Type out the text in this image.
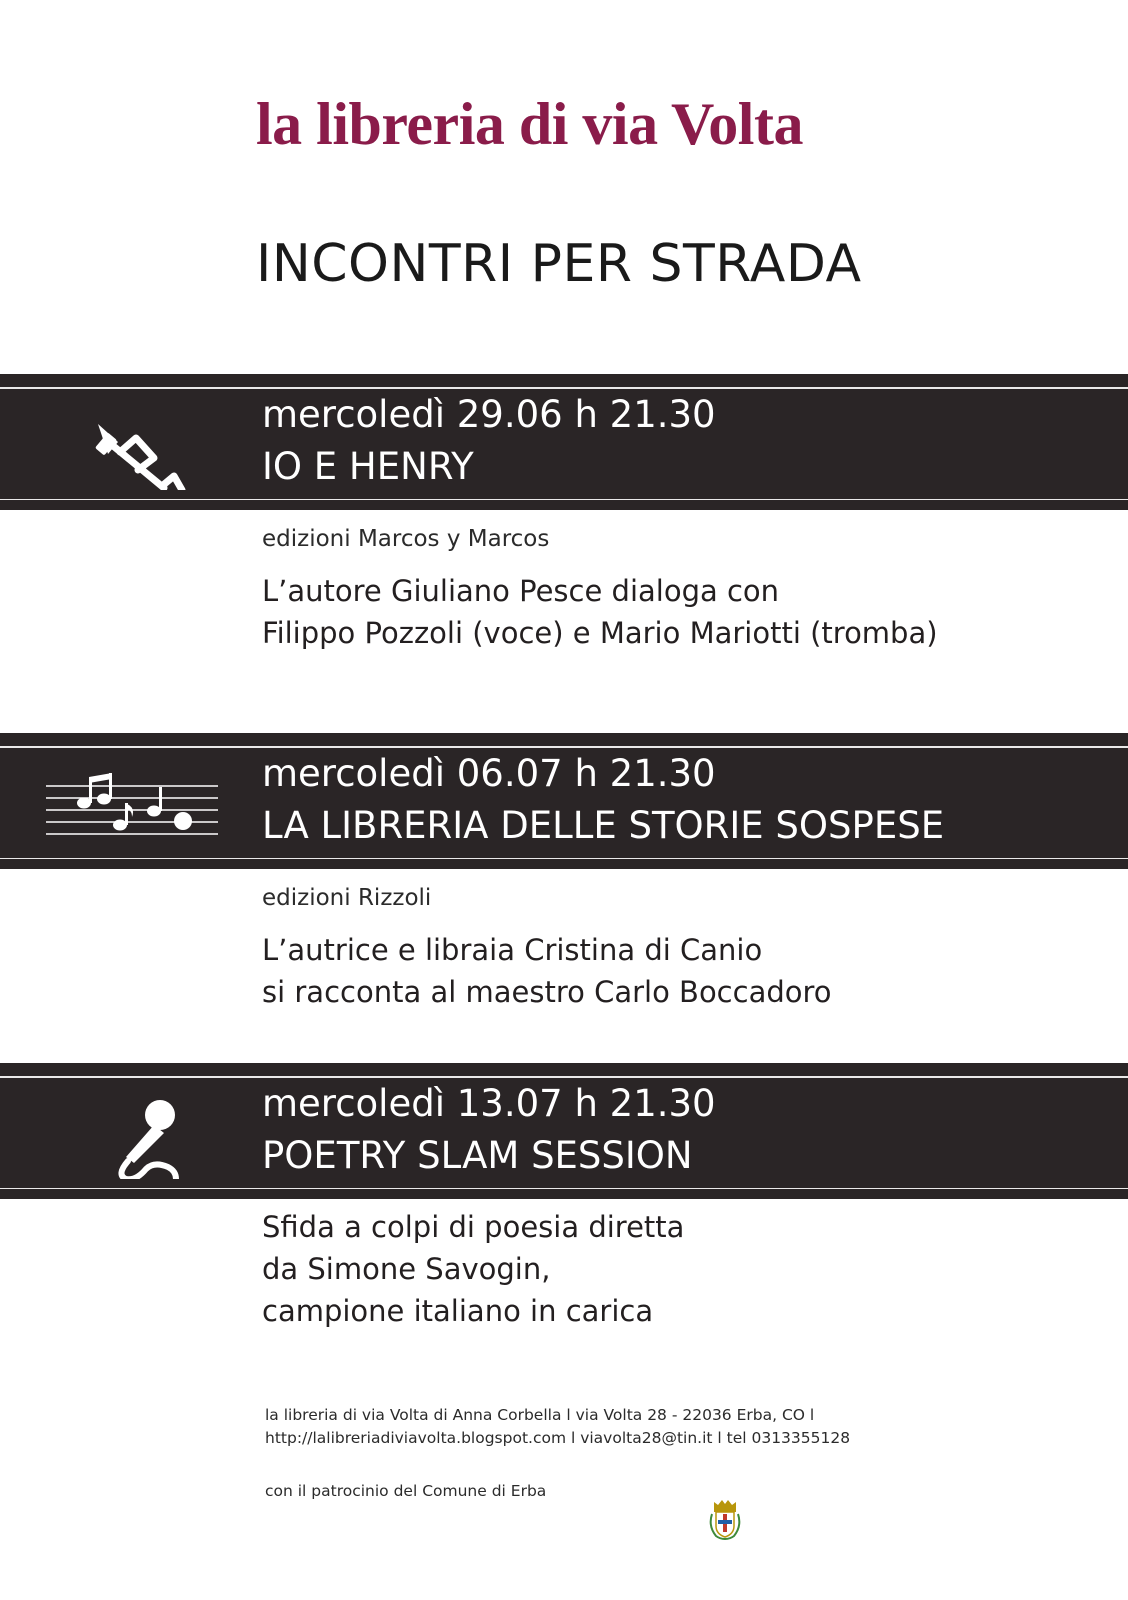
la libreria di via Volta
INCONTRI PER STRADA
mercoledì 29.06 h 21.30
IO E HENRY
edizioni Marcos y Marcos
L’autore Giuliano Pesce dialoga con
Filippo Pozzoli (voce) e Mario Mariotti (tromba)
mercoledì 06.07 h 21.30
LA LIBRERIA DELLE STORIE SOSPESE
edizioni Rizzoli
L’autrice e libraia Cristina di Canio
si racconta al maestro Carlo Boccadoro
mercoledì 13.07 h 21.30
POETRY SLAM SESSION
Sfida a colpi di poesia diretta
da Simone Savogin,
campione italiano in carica
la libreria di via Volta di Anna Corbella l via Volta 28 - 22036 Erba, CO l
http://lalibreriadiviavolta.blogspot.com l viavolta28@tin.it l tel 0313355128
con il patrocinio del Comune di Erba
